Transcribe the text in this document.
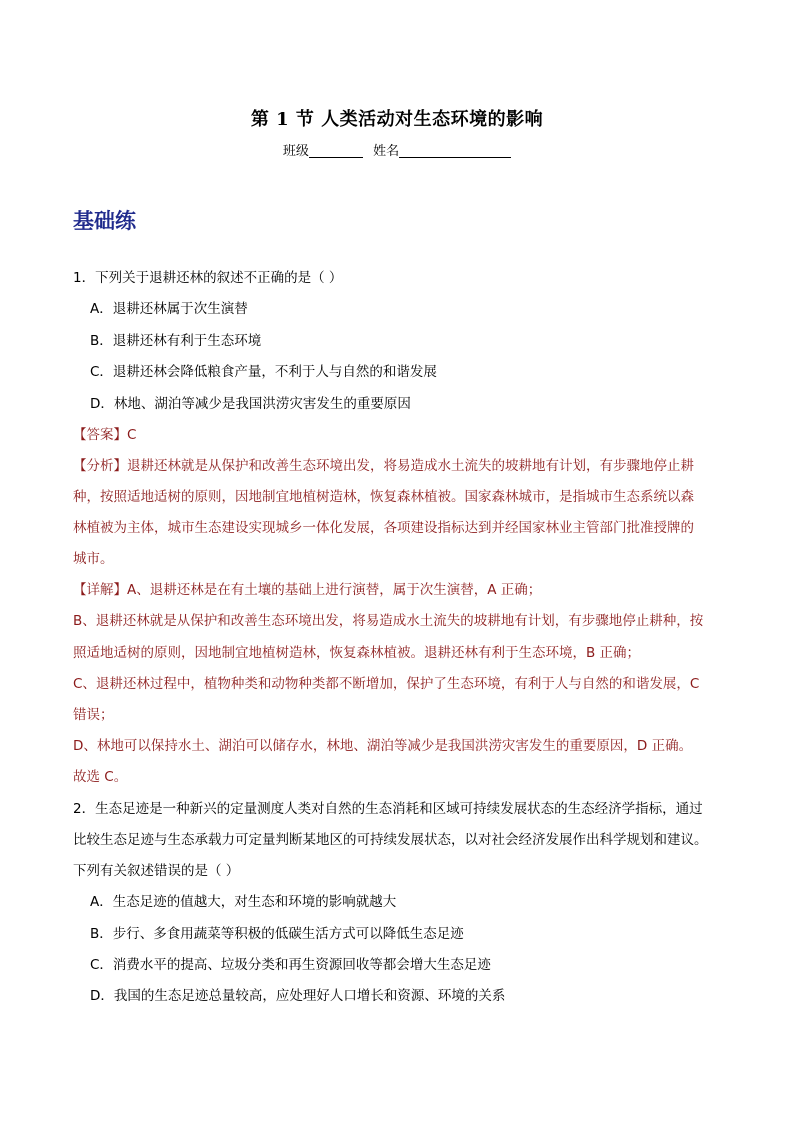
第 1 节 人类活动对生态环境的影响
班级	姓名
基础练
1．下列关于退耕还林的叙述不正确的是（ ）
A．退耕还林属于次生演替
B．退耕还林有利于生态环境
C．退耕还林会降低粮食产量，不利于人与自然的和谐发展
D．林地、湖泊等减少是我国洪涝灾害发生的重要原因
【答案】C
【分析】退耕还林就是从保护和改善生态环境出发，将易造成水土流失的坡耕地有计划，有步骤地停止耕
种，按照适地适树的原则，因地制宜地植树造林，恢复森林植被。国家森林城市，是指城市生态系统以森
林植被为主体，城市生态建设实现城乡一体化发展，各项建设指标达到并经国家林业主管部门批准授牌的
城市。
【详解】A、退耕还林是在有土壤的基础上进行演替，属于次生演替，A 正确；
B、退耕还林就是从保护和改善生态环境出发，将易造成水土流失的坡耕地有计划，有步骤地停止耕种，按
照适地适树的原则，因地制宜地植树造林，恢复森林植被。退耕还林有利于生态环境，B 正确；
C、退耕还林过程中，植物种类和动物种类都不断增加，保护了生态环境，有利于人与自然的和谐发展，C
错误；
D、林地可以保持水土、湖泊可以储存水，林地、湖泊等减少是我国洪涝灾害发生的重要原因，D 正确。
故选 C。
2．生态足迹是一种新兴的定量测度人类对自然的生态消耗和区域可持续发展状态的生态经济学指标，通过
比较生态足迹与生态承载力可定量判断某地区的可持续发展状态，以对社会经济发展作出科学规划和建议。
下列有关叙述错误的是（ ）
A．生态足迹的值越大，对生态和环境的影响就越大
B．步行、多食用蔬菜等积极的低碳生活方式可以降低生态足迹
C．消费水平的提高、垃圾分类和再生资源回收等都会增大生态足迹
D．我国的生态足迹总量较高，应处理好人口增长和资源、环境的关系
